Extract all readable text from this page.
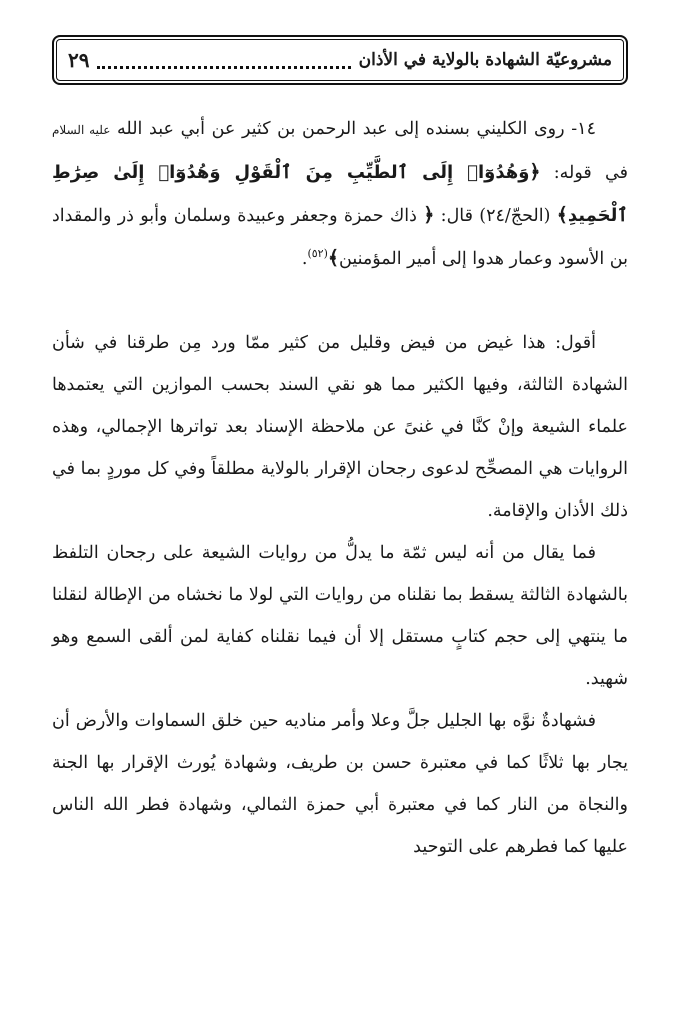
مشروعيّة الشهادة بالولاية في الأذان
٢٩

١٤- روى الكليني بسنده إلى عبد الرحمن بن كثير عن أبي عبد الله عليه السلام في قوله: ﴿وَهُدُوٓا۟ إِلَى ٱلطَّيِّبِ مِنَ ٱلْقَوْلِ وَهُدُوٓا۟ إِلَىٰ صِرَٰطِ ٱلْحَمِيدِ﴾ (الحجّ/٢٤) قال: ﴿ ذاك حمزة وجعفر وعبيدة وسلمان وأبو ذر والمقداد بن الأسود وعمار هدوا إلى أمير المؤمنين﴾$^{(٥٢)}$.

أقول: هذا غيض من فيض وقليل من كثير ممّا ورد مِن طرقنا في شأن الشهادة الثالثة، وفيها الكثير مما هو نقي السند بحسب الموازين التي يعتمدها علماء الشيعة وإنْ كنَّا في غنىً عن ملاحظة الإسناد بعد تواترها الإجمالي، وهذه الروايات هي المصحِّح لدعوى رجحان الإقرار بالولاية مطلقاً وفي كل موردٍ بما في ذلك الأذان والإقامة.

فما يقال من أنه ليس ثمّة ما يدلُّ من روايات الشيعة على رجحان التلفظ بالشهادة الثالثة يسقط بما نقلناه من روايات التي لولا ما نخشاه من الإطالة لنقلنا ما ينتهي إلى حجم كتابٍ مستقل إلا أن فيما نقلناه كفاية لمن ألقى السمع وهو شهيد.

فشهادةٌ نوَّه بها الجليل جلَّ وعلا وأمر مناديه حين خلق السماوات والأرض أن يجار بها ثلاثًا كما في معتبرة حسن بن طريف، وشهادة يُورث الإقرار بها الجنة والنجاة من النار كما في معتبرة أبي حمزة الثمالي، وشهادة فطر الله الناس عليها كما فطرهم على التوحيد
